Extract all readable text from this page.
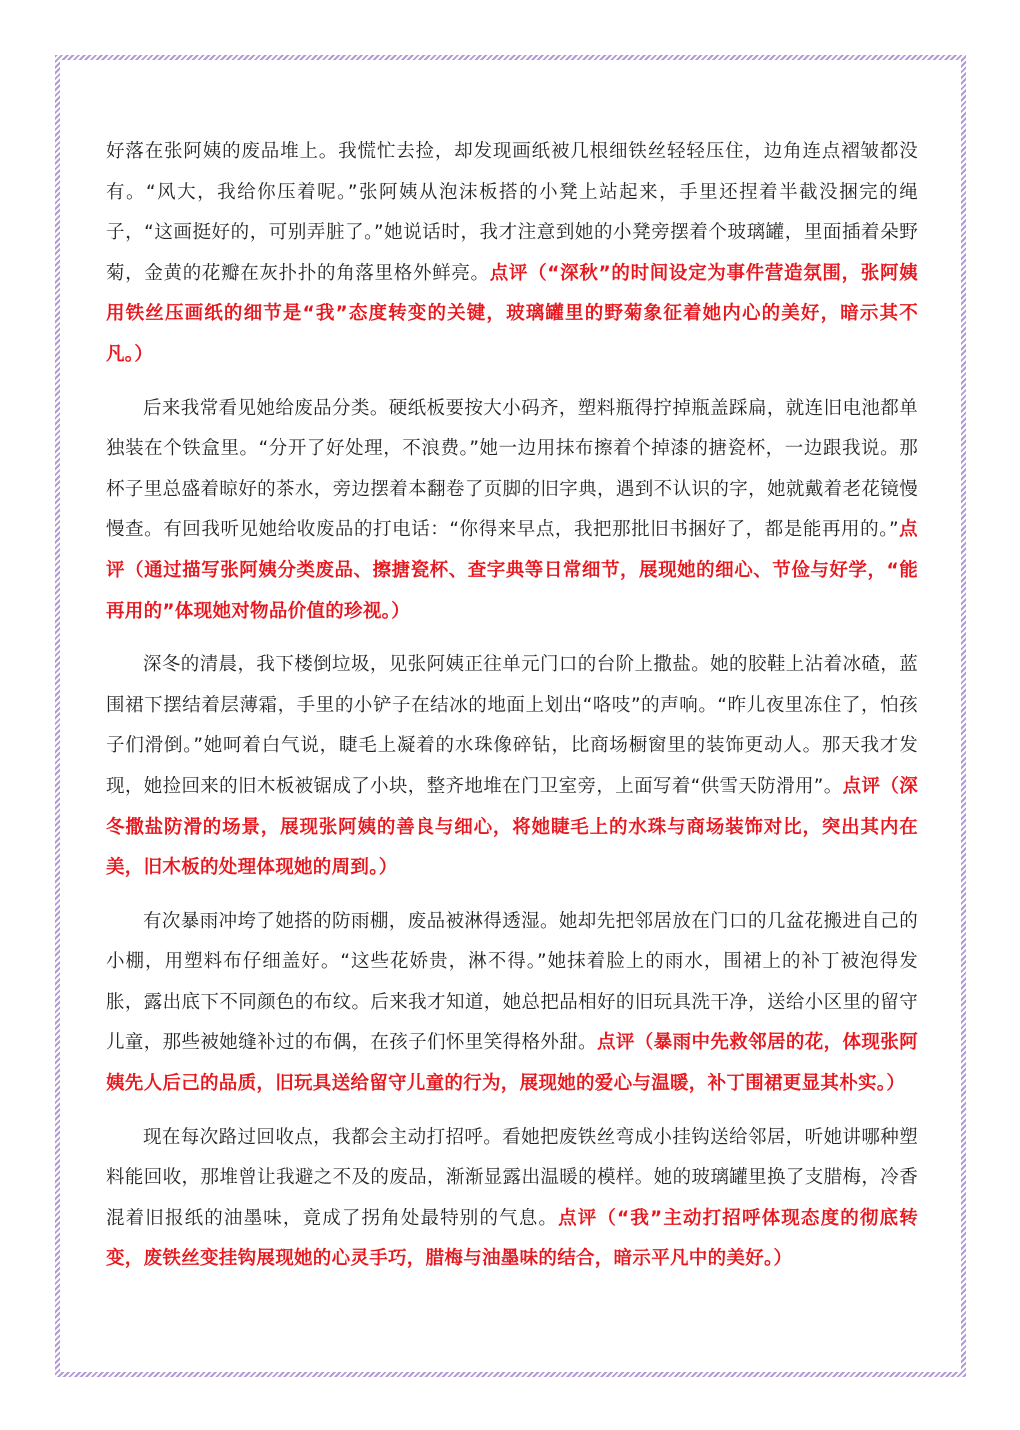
好落在张阿姨的废品堆上。我慌忙去捡，却发现画纸被几根细铁丝轻轻压住，边角连点褶皱都没有。“风大，我给你压着呢。”张阿姨从泡沫板搭的小凳上站起来，手里还捏着半截没捆完的绳子，“这画挺好的，可别弄脏了。”她说话时，我才注意到她的小凳旁摆着个玻璃罐，里面插着朵野菊，金黄的花瓣在灰扑扑的角落里格外鲜亮。点评（“深秋”的时间设定为事件营造氛围，张阿姨用铁丝压画纸的细节是“我”态度转变的关键，玻璃罐里的野菊象征着她内心的美好，暗示其不凡。）

后来我常看见她给废品分类。硬纸板要按大小码齐，塑料瓶得拧掉瓶盖踩扁，就连旧电池都单独装在个铁盒里。“分开了好处理，不浪费。”她一边用抹布擦着个掉漆的搪瓷杯，一边跟我说。那杯子里总盛着晾好的茶水，旁边摆着本翻卷了页脚的旧字典，遇到不认识的字，她就戴着老花镜慢慢查。有回我听见她给收废品的打电话：“你得来早点，我把那批旧书捆好了，都是能再用的。”点评（通过描写张阿姨分类废品、擦搪瓷杯、查字典等日常细节，展现她的细心、节俭与好学，“能再用的”体现她对物品价值的珍视。）

深冬的清晨，我下楼倒垃圾，见张阿姨正往单元门口的台阶上撒盐。她的胶鞋上沾着冰碴，蓝围裙下摆结着层薄霜，手里的小铲子在结冰的地面上划出“咯吱”的声响。“昨儿夜里冻住了，怕孩子们滑倒。”她呵着白气说，睫毛上凝着的水珠像碎钻，比商场橱窗里的装饰更动人。那天我才发现，她捡回来的旧木板被锯成了小块，整齐地堆在门卫室旁，上面写着“供雪天防滑用”。点评（深冬撒盐防滑的场景，展现张阿姨的善良与细心，将她睫毛上的水珠与商场装饰对比，突出其内在美，旧木板的处理体现她的周到。）

有次暴雨冲垮了她搭的防雨棚，废品被淋得透湿。她却先把邻居放在门口的几盆花搬进自己的小棚，用塑料布仔细盖好。“这些花娇贵，淋不得。”她抹着脸上的雨水，围裙上的补丁被泡得发胀，露出底下不同颜色的布纹。后来我才知道，她总把品相好的旧玩具洗干净，送给小区里的留守儿童，那些被她缝补过的布偶，在孩子们怀里笑得格外甜。点评（暴雨中先救邻居的花，体现张阿姨先人后己的品质，旧玩具送给留守儿童的行为，展现她的爱心与温暖，补丁围裙更显其朴实。）

现在每次路过回收点，我都会主动打招呼。看她把废铁丝弯成小挂钩送给邻居，听她讲哪种塑料能回收，那堆曾让我避之不及的废品，渐渐显露出温暖的模样。她的玻璃罐里换了支腊梅，冷香混着旧报纸的油墨味，竟成了拐角处最特别的气息。点评（“我”主动打招呼体现态度的彻底转变，废铁丝变挂钩展现她的心灵手巧，腊梅与油墨味的结合，暗示平凡中的美好。）
